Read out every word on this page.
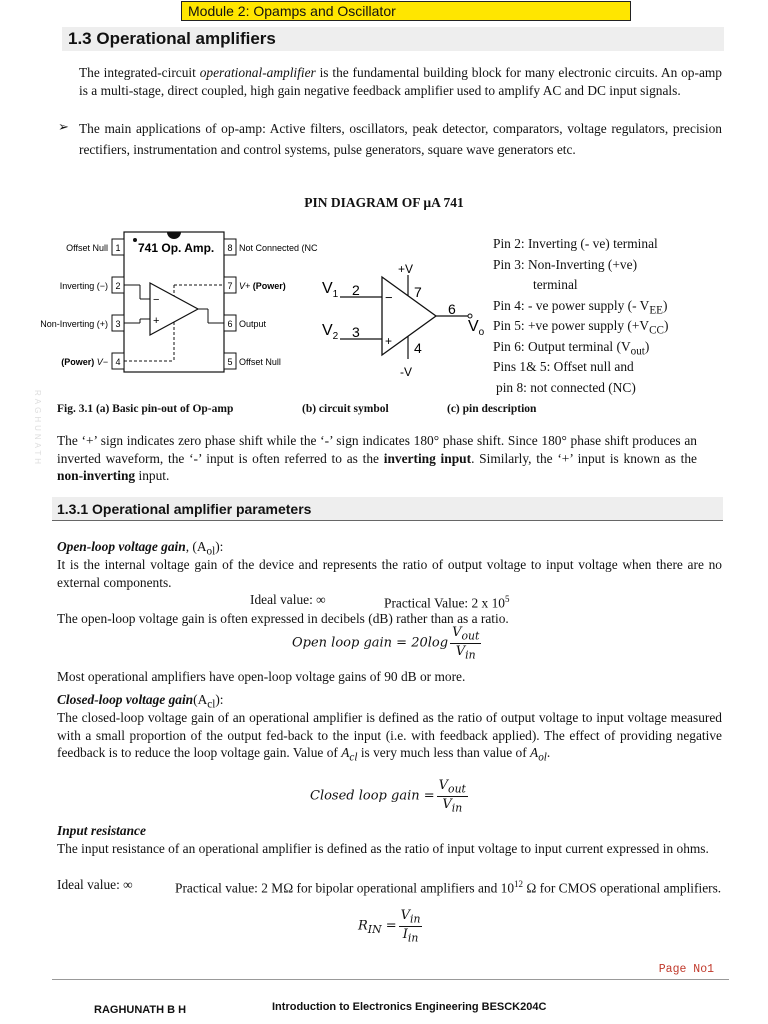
RAGHUNATH
Module 2: Opamps and Oscillator
1.3 Operational amplifiers
The integrated-circuit operational-amplifier is the fundamental building block for many electronic circuits. An op-amp is a multi-stage, direct coupled, high gain negative feedback amplifier used to amplify AC and DC input signals.
➢ The main applications of op-amp: Active filters, oscillators, peak detector, comparators, voltage regulators, precision rectifiers, instrumentation and control systems, pulse generators, square wave generators etc.
PIN DIAGRAM OF µA 741
1
2
3
4	5
6
7
8
741 Op. Amp.
−
+
Offset Null
Inverting (−)
Non-Inverting (+)
(Power) V−
Not Connected (NC
V+ (Power)
Output
Offset Null
$V_1$
$V_2$
2
3
7
4
6
+V
-V
−
+
$V_o$
Pin 2: Inverting (- ve) terminal
Pin 3: Non-Inverting (+ve)
terminal
Pin 4: - ve power supply (- $V_{EE}$)
Pin 5: +ve power supply $(+V_{CC})$
Pin 6: Output terminal $(V_{out})$
Pins 1& 5: Offset null and
pin 8: not connected (NC)
Fig. 3.1 (a) Basic pin-out of Op-amp	(b) circuit symbol	(c) pin description
The ‘+’ sign indicates zero phase shift while the ‘-’ sign indicates 180° phase shift. Since 180° phase shift produces an inverted waveform, the ‘-’ input is often referred to as the inverting input. Similarly, the ‘+’ input is known as the non-inverting input.
1.3.1 Operational amplifier parameters
Open-loop voltage gain, $(A_{ol})$:
It is the internal voltage gain of the device and represents the ratio of output voltage to input voltage when there are no external components.
Ideal value: ∞	Practical Value: 2 x $10^5$
The open-loop voltage gain is often expressed in decibels (dB) rather than as a ratio.
Open loop gain = $20\log \frac{V_{out}}{V_{in}}$
Most operational amplifiers have open-loop voltage gains of 90 dB or more.
Closed-loop voltage $gain(A_{cl})$:
The closed-loop voltage gain of an operational amplifier is defined as the ratio of output voltage to input voltage measured with a small proportion of the output fed-back to the input (i.e. with feedback applied). The effect of providing negative feedback is to reduce the loop voltage gain. Value of $A_{cl}$ is very much less than value of $A_{ol}$.
Closed loop gain = $\frac{V_{out}}{V_{in}}$
Input resistance
The input resistance of an operational amplifier is defined as the ratio of input voltage to input current expressed in ohms.
Ideal value: ∞	Practical value: 2 MΩ for bipolar operational amplifiers and $10^{12}$ Ω for CMOS operational amplifiers.
$R_{IN} = \frac{V_{in}}{I_{in}}$
Page No1
RAGHUNATH B H	Introduction to Electronics Engineering BESCK204C
